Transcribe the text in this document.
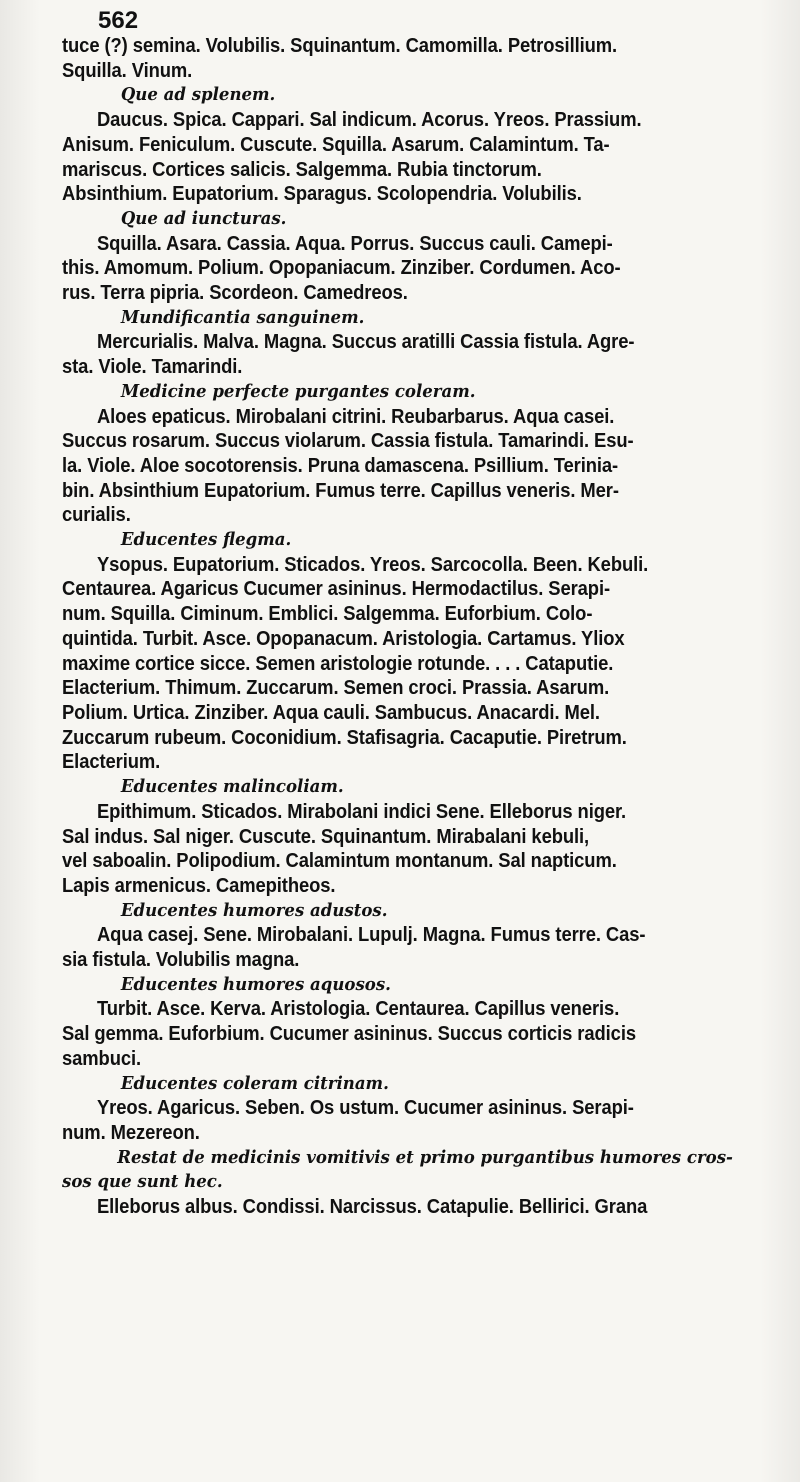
562
tuce (?) semina. Volubilis. Squinantum. Camomilla. Petrosillium.
Squilla. Vinum.
Que ad splenem.
Daucus. Spica. Cappari. Sal indicum. Acorus. Yreos. Prassium.
Anisum. Feniculum. Cuscute. Squilla. Asarum. Calamintum. Ta-
mariscus. Cortices salicis. Salgemma. Rubia tinctorum.
Absinthium. Eupatorium. Sparagus. Scolopendria. Volubilis.
Que ad iuncturas.
Squilla. Asara. Cassia. Aqua. Porrus. Succus cauli. Camepi-
this. Amomum. Polium. Opopaniacum. Zinziber. Cordumen. Aco-
rus. Terra pipria. Scordeon. Camedreos.
Mundificantia sanguinem.
Mercurialis. Malva. Magna. Succus aratilli Cassia fistula. Agre-
sta. Viole. Tamarindi.
Medicine perfecte purgantes coleram.
Aloes epaticus. Mirobalani citrini. Reubarbarus. Aqua casei.
Succus rosarum. Succus violarum. Cassia fistula. Tamarindi. Esu-
la. Viole. Aloe socotorensis. Pruna damascena. Psillium. Terinia-
bin. Absinthium Eupatorium. Fumus terre. Capillus veneris. Mer-
curialis.
Educentes flegma.
Ysopus. Eupatorium. Sticados. Yreos. Sarcocolla. Been. Kebuli.
Centaurea. Agaricus Cucumer asininus. Hermodactilus. Serapi-
num. Squilla. Ciminum. Emblici. Salgemma. Euforbium. Colo-
quintida. Turbit. Asce. Opopanacum. Aristologia. Cartamus. Yliox
maxime cortice sicce. Semen aristologie rotunde. . . . Cataputie.
Elacterium. Thimum. Zuccarum. Semen croci. Prassia. Asarum.
Polium. Urtica. Zinziber. Aqua cauli. Sambucus. Anacardi. Mel.
Zuccarum rubeum. Coconidium. Stafisagria. Cacaputie. Piretrum.
Elacterium.
Educentes malincoliam.
Epithimum. Sticados. Mirabolani indici Sene. Elleborus niger.
Sal indus. Sal niger. Cuscute. Squinantum. Mirabalani kebuli,
vel saboalin. Polipodium. Calamintum montanum. Sal napticum.
Lapis armenicus. Camepitheos.
Educentes humores adustos.
Aqua casej. Sene. Mirobalani. Lupulj. Magna. Fumus terre. Cas-
sia fistula. Volubilis magna.
Educentes humores aquosos.
Turbit. Asce. Kerva. Aristologia. Centaurea. Capillus veneris.
Sal gemma. Euforbium. Cucumer asininus. Succus corticis radicis
sambuci.
Educentes coleram citrinam.
Yreos. Agaricus. Seben. Os ustum. Cucumer asininus. Serapi-
num. Mezereon.
Restat de medicinis vomitivis et primo purgantibus humores cros-
sos que sunt hec.
Elleborus albus. Condissi. Narcissus. Catapulie. Bellirici. Grana
